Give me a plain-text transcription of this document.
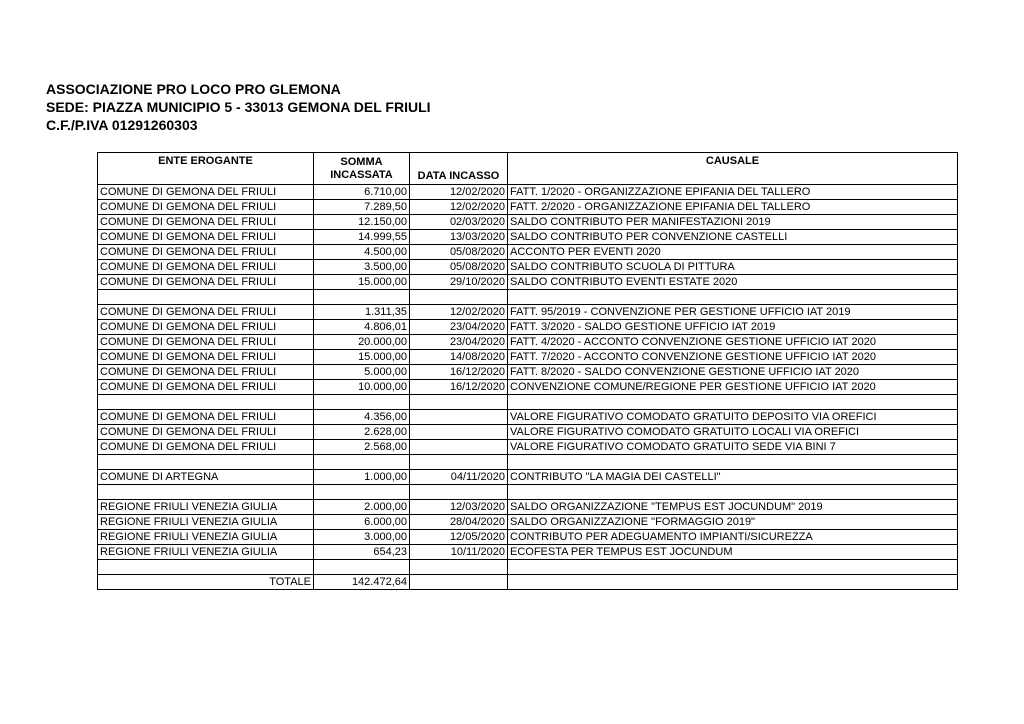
ASSOCIAZIONE PRO LOCO PRO GLEMONA
SEDE: PIAZZA MUNICIPIO 5 - 33013 GEMONA DEL FRIULI
C.F./P.IVA 01291260303
ENTE EROGANTE	SOMMA INCASSATA	DATA INCASSO	CAUSALE
COMUNE DI GEMONA DEL FRIULI	6.710,00	12/02/2020	FATT. 1/2020 - ORGANIZZAZIONE EPIFANIA DEL TALLERO
COMUNE DI GEMONA DEL FRIULI	7.289,50	12/02/2020	FATT. 2/2020 - ORGANIZZAZIONE EPIFANIA DEL TALLERO
COMUNE DI GEMONA DEL FRIULI	12.150,00	02/03/2020	SALDO CONTRIBUTO PER MANIFESTAZIONI 2019
COMUNE DI GEMONA DEL FRIULI	14.999,55	13/03/2020	SALDO CONTRIBUTO PER CONVENZIONE CASTELLI
COMUNE DI GEMONA DEL FRIULI	4.500,00	05/08/2020	ACCONTO PER EVENTI 2020
COMUNE DI GEMONA DEL FRIULI	3.500,00	05/08/2020	SALDO CONTRIBUTO SCUOLA DI PITTURA
COMUNE DI GEMONA DEL FRIULI	15.000,00	29/10/2020	SALDO CONTRIBUTO EVENTI ESTATE 2020

COMUNE DI GEMONA DEL FRIULI	1.311,35	12/02/2020	FATT. 95/2019 - CONVENZIONE PER GESTIONE UFFICIO IAT 2019
COMUNE DI GEMONA DEL FRIULI	4.806,01	23/04/2020	FATT. 3/2020 - SALDO GESTIONE UFFICIO IAT 2019
COMUNE DI GEMONA DEL FRIULI	20.000,00	23/04/2020	FATT. 4/2020 - ACCONTO CONVENZIONE GESTIONE UFFICIO IAT 2020
COMUNE DI GEMONA DEL FRIULI	15.000,00	14/08/2020	FATT. 7/2020 - ACCONTO CONVENZIONE GESTIONE UFFICIO IAT 2020
COMUNE DI GEMONA DEL FRIULI	5.000,00	16/12/2020	FATT. 8/2020 - SALDO CONVENZIONE GESTIONE UFFICIO IAT 2020
COMUNE DI GEMONA DEL FRIULI	10.000,00	16/12/2020	CONVENZIONE COMUNE/REGIONE PER GESTIONE UFFICIO IAT 2020

COMUNE DI GEMONA DEL FRIULI	4.356,00		VALORE FIGURATIVO COMODATO GRATUITO DEPOSITO VIA OREFICI
COMUNE DI GEMONA DEL FRIULI	2.628,00		VALORE FIGURATIVO COMODATO GRATUITO LOCALI VIA OREFICI
COMUNE DI GEMONA DEL FRIULI	2.568,00		VALORE FIGURATIVO COMODATO GRATUITO SEDE VIA BINI 7

COMUNE DI ARTEGNA	1.000,00	04/11/2020	CONTRIBUTO "LA MAGIA DEI CASTELLI"

REGIONE FRIULI VENEZIA GIULIA	2.000,00	12/03/2020	SALDO ORGANIZZAZIONE "TEMPUS EST JOCUNDUM" 2019
REGIONE FRIULI VENEZIA GIULIA	6.000,00	28/04/2020	SALDO ORGANIZZAZIONE "FORMAGGIO 2019"
REGIONE FRIULI VENEZIA GIULIA	3.000,00	12/05/2020	CONTRIBUTO PER ADEGUAMENTO IMPIANTI/SICUREZZA
REGIONE FRIULI VENEZIA GIULIA	654,23	10/11/2020	ECOFESTA PER TEMPUS EST JOCUNDUM

TOTALE	142.472,64		
